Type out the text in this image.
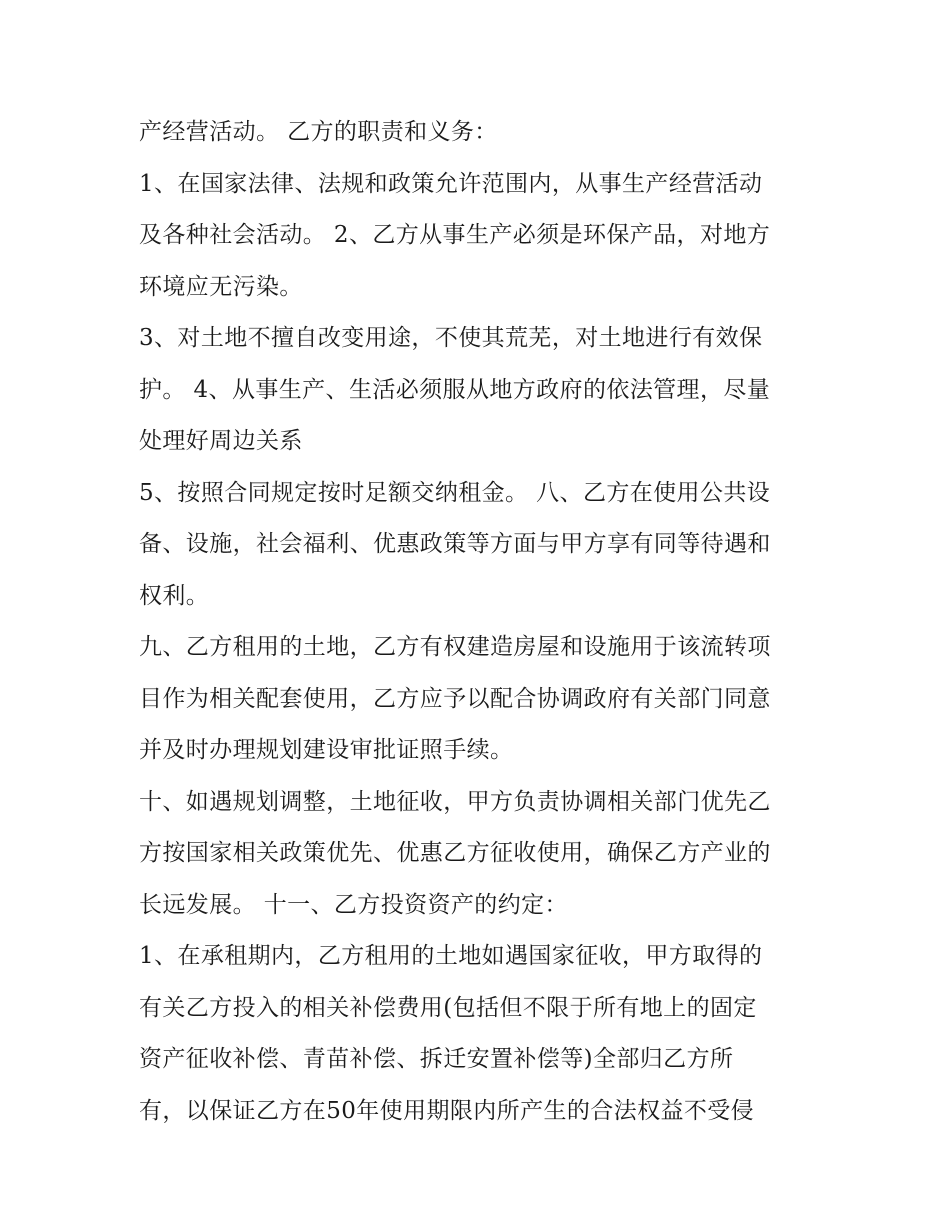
产经营活动。 乙方的职责和义务：
1、在国家法律、法规和政策允许范围内，从事生产经营活动
及各种社会活动。 2、乙方从事生产必须是环保产品，对地方
环境应无污染。
3、对土地不擅自改变用途，不使其荒芜，对土地进行有效保
护。 4、从事生产、生活必须服从地方政府的依法管理，尽量
处理好周边关系
5、按照合同规定按时足额交纳租金。 八、乙方在使用公共设
备、设施，社会福利、优惠政策等方面与甲方享有同等待遇和
权利。
九、乙方租用的土地，乙方有权建造房屋和设施用于该流转项
目作为相关配套使用，乙方应予以配合协调政府有关部门同意
并及时办理规划建设审批证照手续。
十、如遇规划调整，土地征收，甲方负责协调相关部门优先乙
方按国家相关政策优先、优惠乙方征收使用，确保乙方产业的
长远发展。 十一、乙方投资资产的约定：
1、在承租期内，乙方租用的土地如遇国家征收，甲方取得的
有关乙方投入的相关补偿费用(包括但不限于所有地上的固定
资产征收补偿、青苗补偿、拆迁安置补偿等)全部归乙方所
有，以保证乙方在50年使用期限内所产生的合法权益不受侵
